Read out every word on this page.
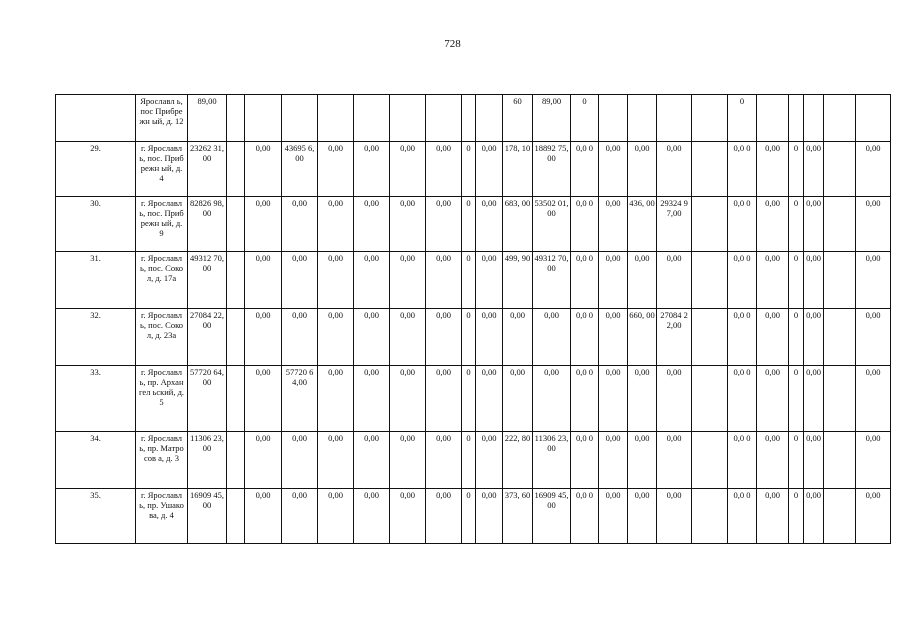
728
	Ярославл ь, пос Прибрежн ый, д. 12	89,00										60	89,00	0					0					
29.	г. Ярославл ь, пос. Прибрежн ый, д. 4	23262 31,00		0,00	43695 6,00	0,00	0,00	0,00	0,00	0	0,00	178, 10	18892 75,00	0,0 0	0,00	0,00	0,00		0,0 0	0,00	0	0,00		0,00
30.	г. Ярославл ь, пос. Прибрежн ый, д. 9	82826 98,00		0,00	0,00	0,00	0,00	0,00	0,00	0	0,00	683, 00	53502 01,00	0,0 0	0,00	436, 00	29324 97,00		0,0 0	0,00	0	0,00		0,00
31.	г. Ярославл ь, пос. Сокол, д. 17а	49312 70,00		0,00	0,00	0,00	0,00	0,00	0,00	0	0,00	499, 90	49312 70,00	0,0 0	0,00	0,00	0,00		0,0 0	0,00	0	0,00		0,00
32.	г. Ярославл ь, пос. Сокол, д. 23а	27084 22,00		0,00	0,00	0,00	0,00	0,00	0,00	0	0,00	0,00	0,00	0,0 0	0,00	660, 00	27084 22,00		0,0 0	0,00	0	0,00		0,00
33.	г. Ярославл ь, пр. Архангел ьский, д. 5	57720 64,00		0,00	57720 64,00	0,00	0,00	0,00	0,00	0	0,00	0,00	0,00	0,0 0	0,00	0,00	0,00		0,0 0	0,00	0	0,00		0,00
34.	г. Ярославл ь, пр. Матросов а, д. 3	11306 23,00		0,00	0,00	0,00	0,00	0,00	0,00	0	0,00	222, 80	11306 23,00	0,0 0	0,00	0,00	0,00		0,0 0	0,00	0	0,00		0,00
35.	г. Ярославл ь, пр. Ушакова, д. 4	16909 45,00		0,00	0,00	0,00	0,00	0,00	0,00	0	0,00	373, 60	16909 45,00	0,0 0	0,00	0,00	0,00		0,0 0	0,00	0	0,00		0,00
